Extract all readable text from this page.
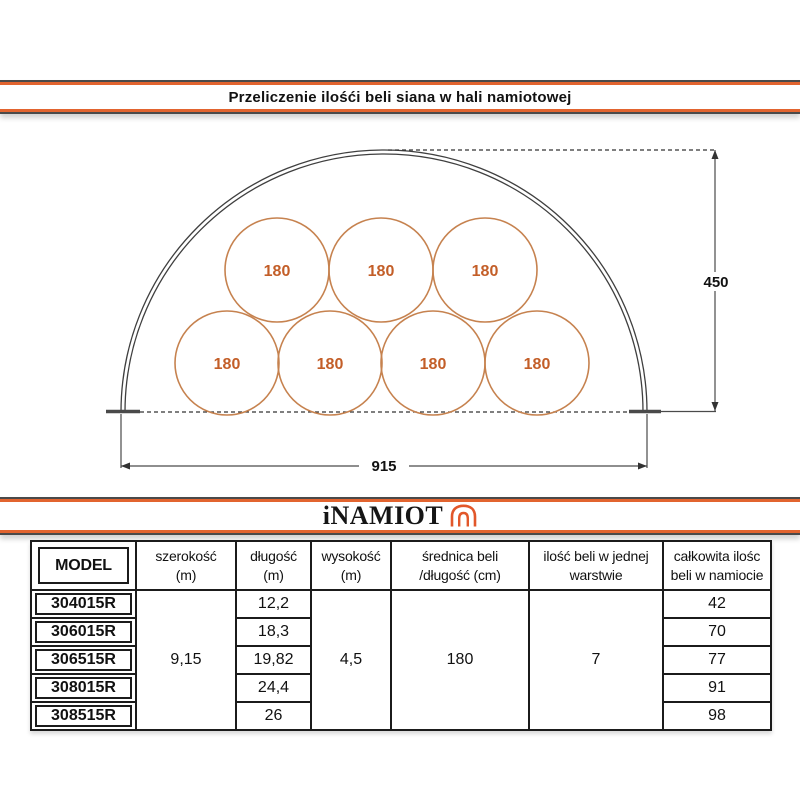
180	180	180
180	180	180	180
450
915
Przeliczenie ilośći beli siana w hali namiotowej
iNAMIOT
MODEL

szerokość
(m)

długość
(m)

wysokość
(m)

średnica beli
/długość (cm)

ilość beli w jednej
warstwie

całkowita ilośc
beli w namiocie

304015R	9,15	12,2	4,5	180	7	42

306015R		18,3				70

306515R		19,82				77

308015R		24,4				91

308515R		26				98
